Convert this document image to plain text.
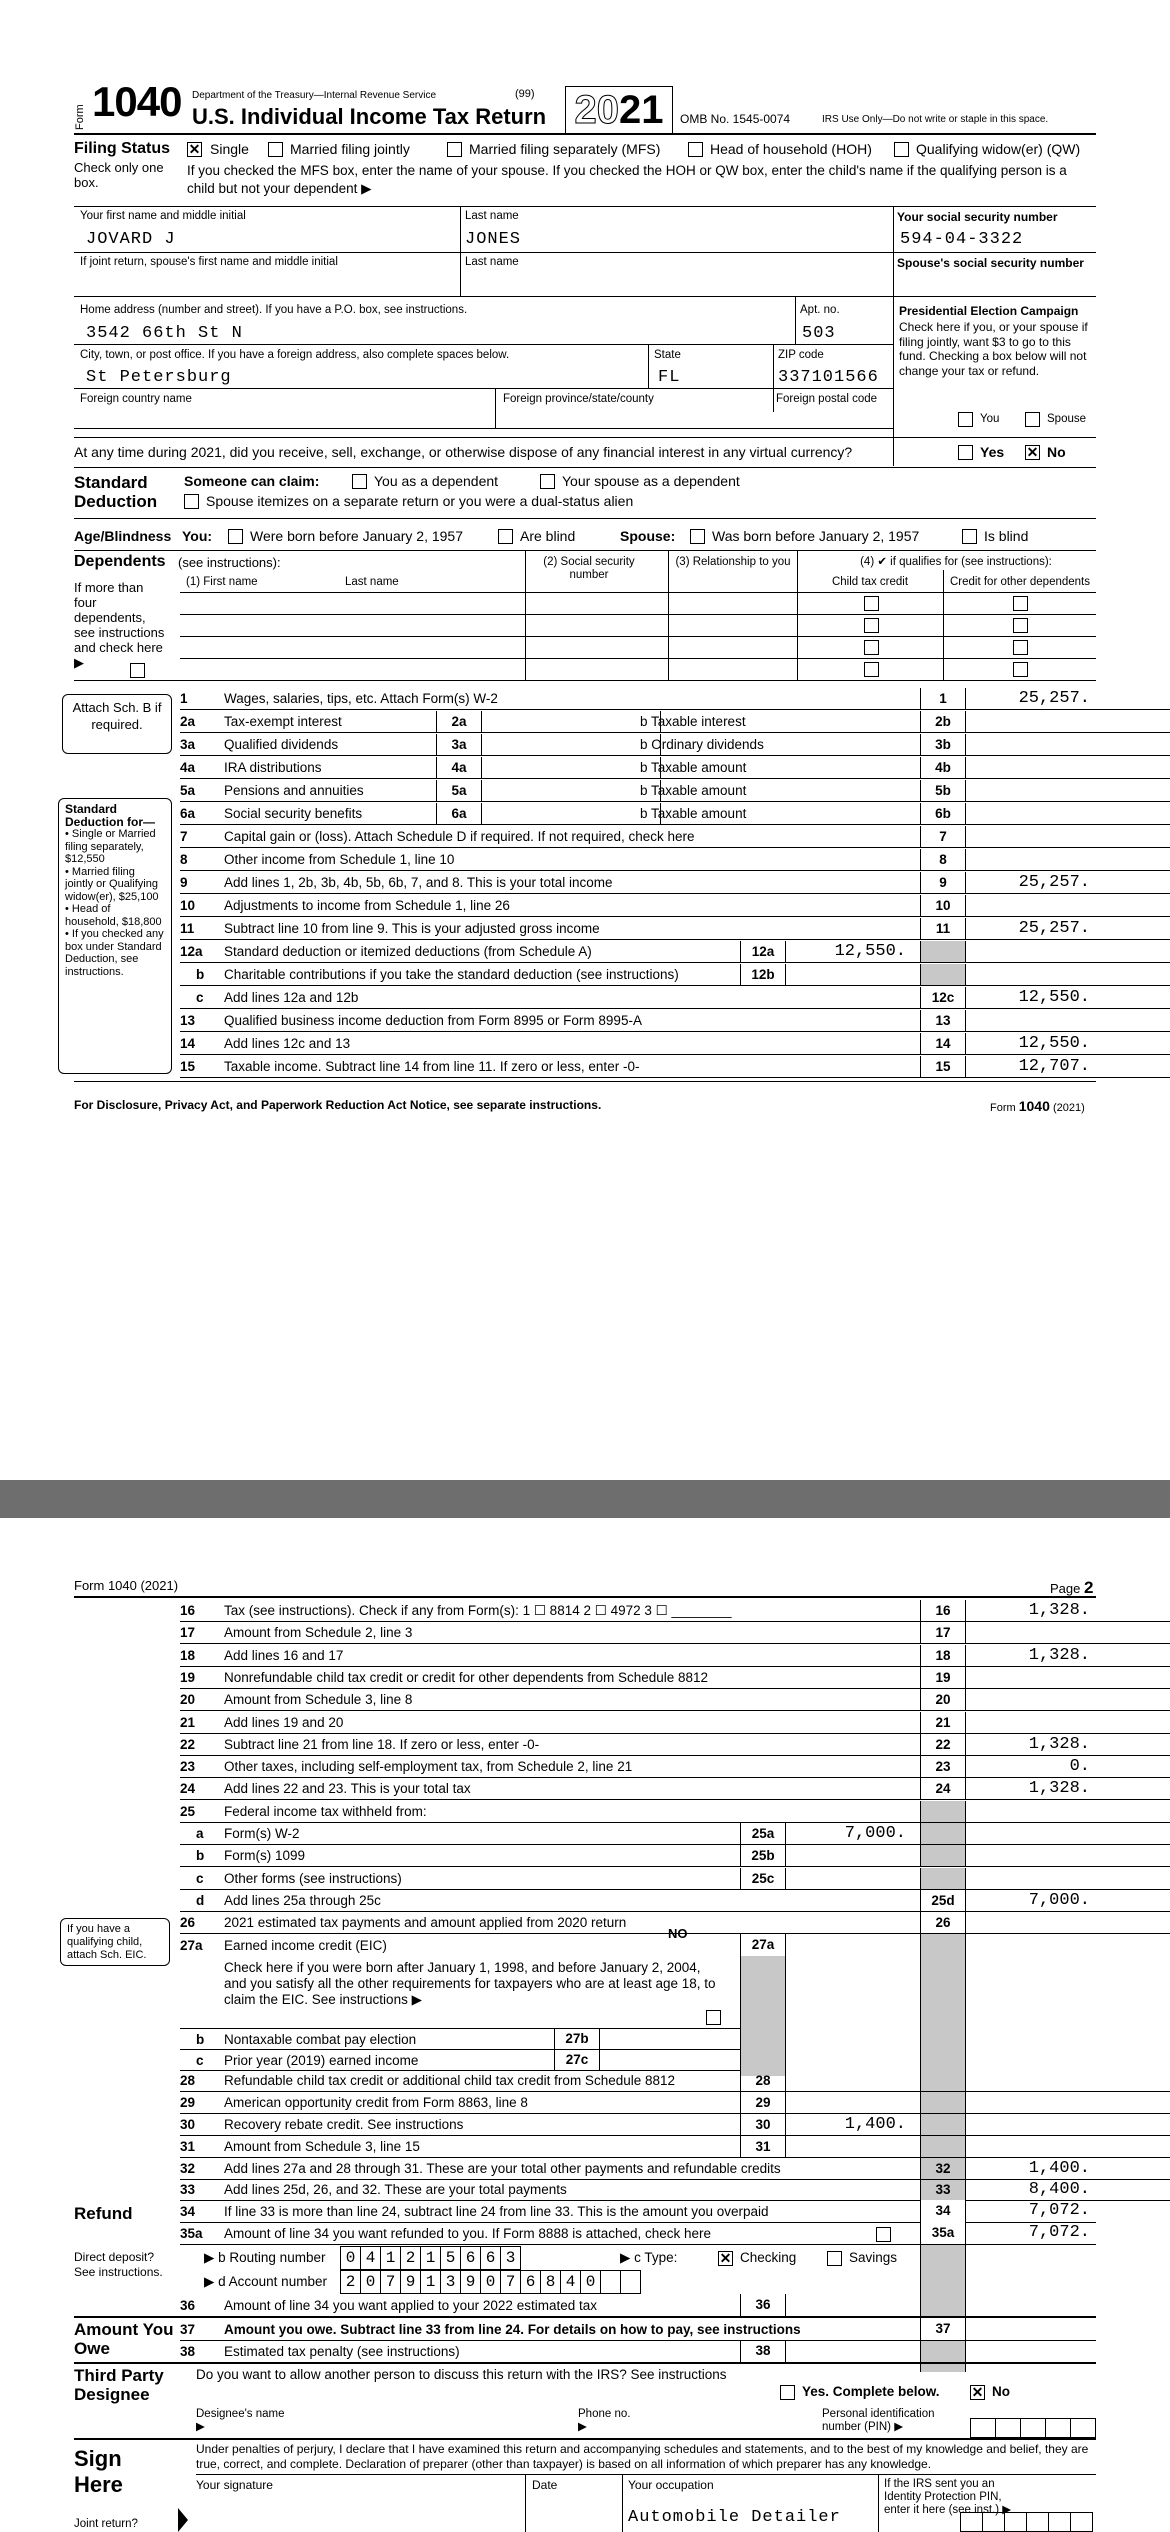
Form 1040 Department of the Treasury—Internal Revenue Service	(99)
U.S. Individual Income Tax Return 2021	OMB No. 1545-0074	IRS Use Only—Do not write or staple in this space.
Filing Status
Check only one box.
✕ Single	Married filing jointly	Married filing separately (MFS)	Head of household (HOH)	Qualifying widow(er) (QW)
If you checked the MFS box, enter the name of your spouse. If you checked the HOH or QW box, enter the child's name if the qualifying person is a child but not your dependent ▶
Your first name and middle initial
JOVARD J
Last name
JONES
Your social security number
594-04-3322
If joint return, spouse's first name and middle initial	Last name	Spouse's social security number
Home address (number and street). If you have a P.O. box, see instructions.
3542 66th St N
Apt. no.
503
Presidential Election Campaign
Check here if you, or your spouse if filing jointly, want $3 to go to this fund. Checking a box below will not change your tax or refund.
You	Spouse
City, town, or post office. If you have a foreign address, also complete spaces below.
St Petersburg
State
FL
ZIP code
337101566
Foreign country name	Foreign province/state/county	Foreign postal code
At any time during 2021, did you receive, sell, exchange, or otherwise dispose of any financial interest in any virtual currency?	Yes ✕ No
Standard Deduction
Someone can claim:	You as a dependent	Your spouse as a dependent
Spouse itemizes on a separate return or you were a dual-status alien
Age/Blindness You:	Were born before January 2, 1957	Are blind	Spouse:	Was born before January 2, 1957	Is blind
Dependents (see instructions):
If more than four dependents, see instructions and check here ▶
(1) First name	Last name
(2) Social security number
(3) Relationship to you	(4) ✔ if qualifies for (see instructions):
Child tax credit	Credit for other dependents
Attach Sch. B if required.
Standard Deduction for—
• Single or Married filing separately, $12,550
• Married filing jointly or Qualifying widow(er), $25,100
• Head of household, $18,800
• If you checked any box under Standard Deduction, see instructions.
1	Wages, salaries, tips, etc. Attach Form(s) W-2	1	25,257.
2a	Tax-exempt interest	2a	b Taxable interest	2b
3a	Qualified dividends	3a	b Ordinary dividends	3b
4a	IRA distributions	4a	b Taxable amount	4b
5a	Pensions and annuities	5a	b Taxable amount	5b
6a	Social security benefits	6a	b Taxable amount	6b
7	Capital gain or (loss). Attach Schedule D if required. If not required, check here	7
8	Other income from Schedule 1, line 10	8
9	Add lines 1, 2b, 3b, 4b, 5b, 6b, 7, and 8. This is your total income	9	25,257.
10	Adjustments to income from Schedule 1, line 26	10
11	Subtract line 10 from line 9. This is your adjusted gross income	11	25,257.
12a Standard deduction or itemized deductions (from Schedule A)	12a	12,550.
b	Charitable contributions if you take the standard deduction (see instructions)	12b
c	Add lines 12a and 12b	12c	12,550.
13	Qualified business income deduction from Form 8995 or Form 8995-A	13
14	Add lines 12c and 13	14	12,550.
15	Taxable income. Subtract line 14 from line 11. If zero or less, enter -0-	15	12,707.
For Disclosure, Privacy Act, and Paperwork Reduction Act Notice, see separate instructions.	Form 1040 (2021)
Form 1040 (2021)	Page 2
16	Tax (see instructions). Check if any from Form(s): 1 ☐ 8814 2 ☐ 4972 3 ☐ ________	16	1,328.
17	Amount from Schedule 2, line 3	17
18	Add lines 16 and 17	18	1,328.
19	Nonrefundable child tax credit or credit for other dependents from Schedule 8812	19
20	Amount from Schedule 3, line 8	20
21	Add lines 19 and 20	21
22	Subtract line 21 from line 18. If zero or less, enter -0-	22	1,328.
23	Other taxes, including self-employment tax, from Schedule 2, line 21	23	0.
24	Add lines 22 and 23. This is your total tax	24	1,328.
25	Federal income tax withheld from:
a	Form(s) W-2	25a	7,000.
b	Form(s) 1099	25b
c	Other forms (see instructions)	25c
d	Add lines 25a through 25c	25d	7,000.
26	2021 estimated tax payments and amount applied from 2020 return	26
If you have a qualifying child, attach Sch. EIC.
27a Earned income credit (EIC)
NO
27a
Check here if you were born after January 1, 1998, and before January 2, 2004, and you satisfy all the other requirements for taxpayers who are at least age 18, to claim the EIC. See instructions ▶
b Nontaxable combat pay election	27b
c Prior year (2019) earned income	27c
28	Refundable child tax credit or additional child tax credit from Schedule 8812	28
29	American opportunity credit from Form 8863, line 8	29
30	Recovery rebate credit. See instructions	30	1,400.
31	Amount from Schedule 3, line 15	31
32	Add lines 27a and 28 through 31. These are your total other payments and refundable credits	32	1,400.
33	Add lines 25d, 26, and 32. These are your total payments	33	8,400.
Refund	34 If line 33 is more than line 24, subtract line 24 from line 33. This is the amount you overpaid	34	7,072.
35a Amount of line 34 you want refunded to you. If Form 8888 is attached, check here	35a	7,072.
Direct deposit? See instructions.
▶ b Routing number 0 4 1 2 1 5 6 6 3	▶ c Type:	✕ Checking	Savings
▶ d Account number 2 0 7 9 1 3 9 0 7 6 8 4 0
36 Amount of line 34 you want applied to your 2022 estimated tax	36
Amount You Owe
37 Amount you owe. Subtract line 33 from line 24. For details on how to pay, see instructions	37
38 Estimated tax penalty (see instructions)	38
Third Party Designee
Do you want to allow another person to discuss this return with the IRS? See instructions
Yes. Complete below. ✕ No
Designee's name ▶
Phone no. ▶
Personal identification number (PIN) ▶
Sign Here
Under penalties of perjury, I declare that I have examined this return and accompanying schedules and statements, and to the best of my knowledge and belief, they are true, correct, and complete. Declaration of preparer (other than taxpayer) is based on all information of which preparer has any knowledge.
Your signature	Date	Your occupation
Automobile Detailer
If the IRS sent you an Identity Protection PIN, enter it here (see inst.) ▶
Joint return?
